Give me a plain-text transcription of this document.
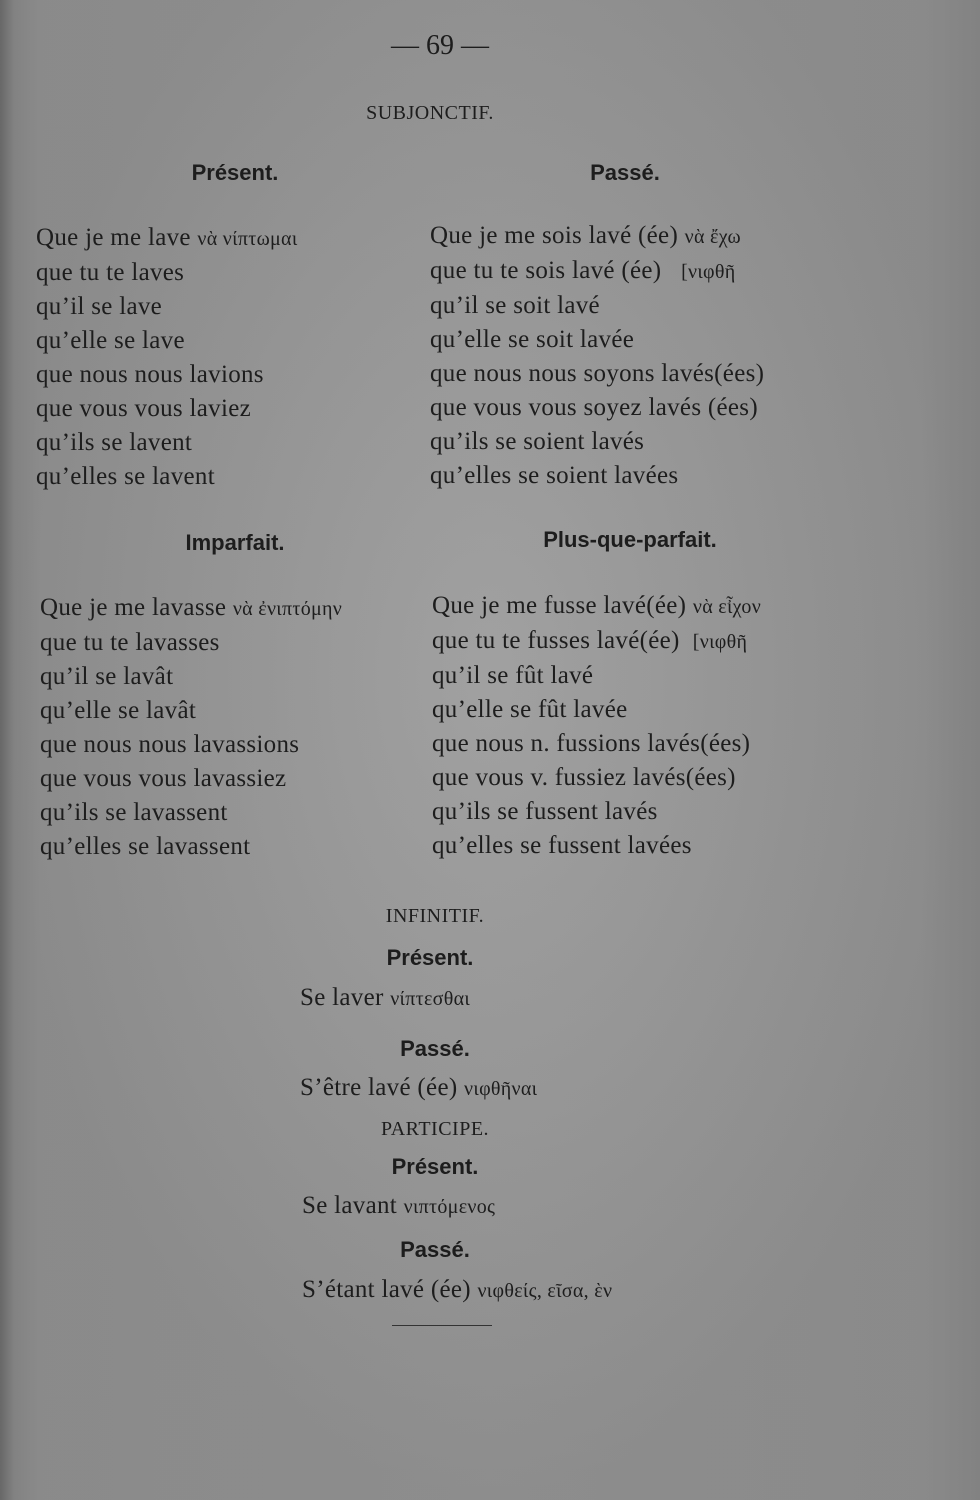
— 69 —
SUBJONCTIF.
Présent.	Passé.
Que je me lave νὰ νίπτωμαι
que tu te laves
qu’il se lave
qu’elle se lave
que nous nous lavions
que vous vous laviez
qu’ils se lavent
qu’elles se lavent
Que je me sois lavé (ée) νὰ ἔχω
que tu te sois lavé (ée) [νιφθῆ
qu’il se soit lavé
qu’elle se soit lavée
que nous nous soyons lavés(ées)
que vous vous soyez lavés (ées)
qu’ils se soient lavés
qu’elles se soient lavées
Imparfait.	Plus-que-parfait.
Que je me lavasse νὰ ἐνιπτόμην
que tu te lavasses
qu’il se lavât
qu’elle se lavât
que nous nous lavassions
que vous vous lavassiez
qu’ils se lavassent
qu’elles se lavassent
Que je me fusse lavé(ée) νὰ εἶχον
que tu te fusses lavé(ée) [νιφθῆ
qu’il se fût lavé
qu’elle se fût lavée
que nous n. fussions lavés(ées)
que vous v. fussiez lavés(ées)
qu’ils se fussent lavés
qu’elles se fussent lavées
INFINITIF.
Présent.
Se laver νίπτεσθαι
Passé.
S’être lavé (ée) νιφθῆναι
PARTICIPE.
Présent.
Se lavant νιπτόμενος
Passé.
S’étant lavé (ée) νιφθείς, εῖσα, ὲν
